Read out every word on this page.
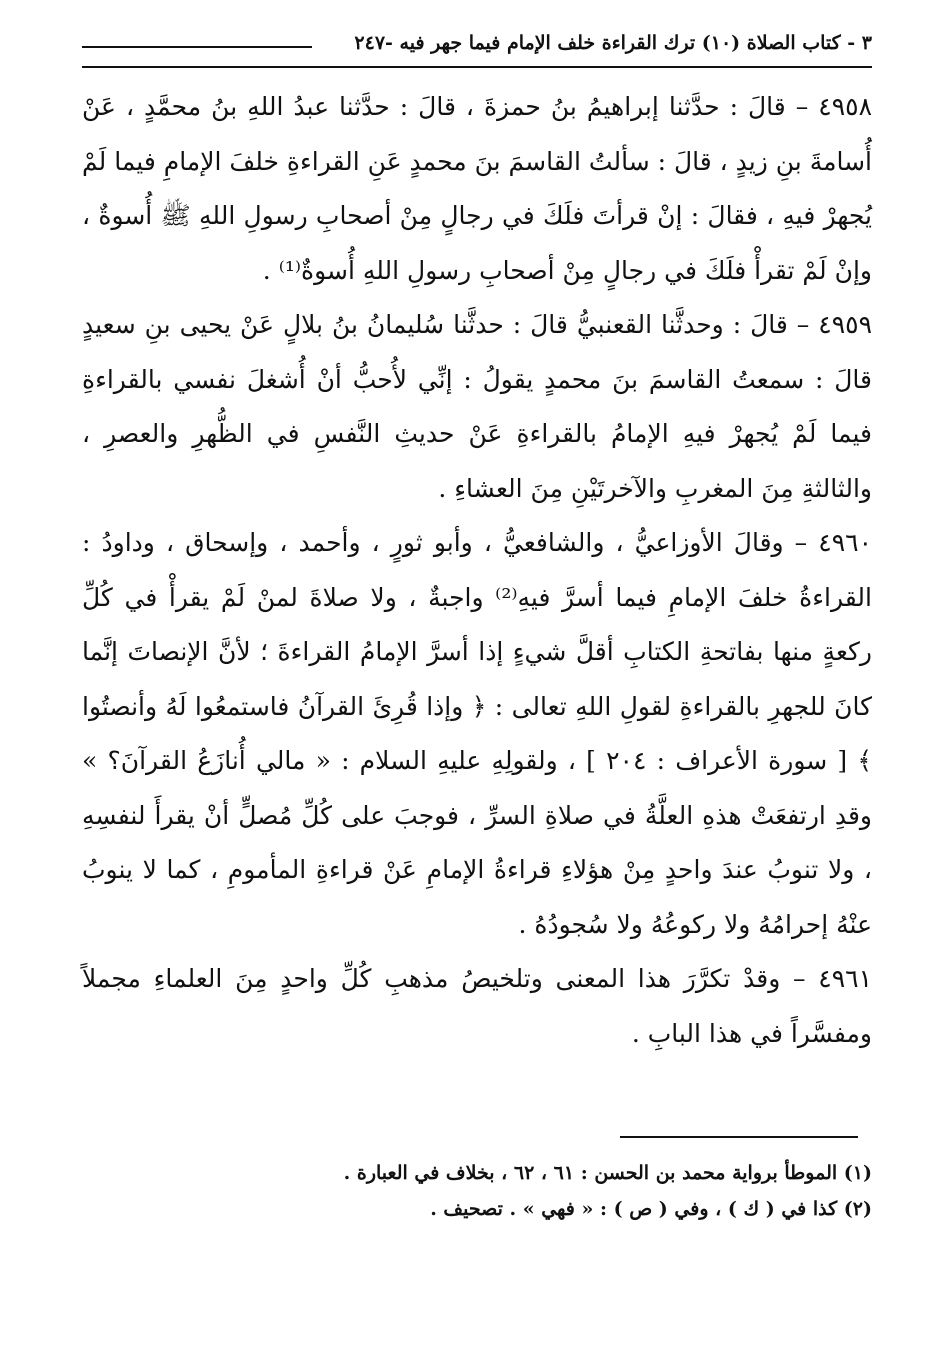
٣ - كتاب الصلاة (١٠) ترك القراءة خلف الإمام فيما جهر فيه -٢٤٧

٤٩٥٨ – قالَ : حدَّثنا إبراهيمُ بنُ حمزةَ ، قالَ : حدَّثنا عبدُ اللهِ بنُ محمَّدٍ ، عَنْ أُسامةَ بنِ زيدٍ ، قالَ : سألتُ القاسمَ بنَ محمدٍ عَنِ القراءةِ خلفَ الإمامِ فيما لَمْ يُجهرْ فيهِ ، فقالَ : إنْ قرأتَ فلَكَ في رجالٍ مِنْ أصحابِ رسولِ اللهِ ﷺ أُسوةٌ ، وإنْ لَمْ تقرأْ فلَكَ في رجالٍ مِنْ أصحابِ رسولِ اللهِ أُسوةٌ⁽¹⁾ .

٤٩٥٩ – قالَ : وحدثَّنا القعنبيُّ قالَ : حدثَّنا سُليمانُ بنُ بلالٍ عَنْ يحيى بنِ سعيدٍ قالَ : سمعتُ القاسمَ بنَ محمدٍ يقولُ : إنِّي لأُحبُّ أنْ أُشغلَ نفسي بالقراءةِ فيما لَمْ يُجهرْ فيهِ الإمامُ بالقراءةِ عَنْ حديثِ النَّفسِ في الظُّهرِ والعصرِ ، والثالثةِ مِنَ المغربِ والآخرتَيْنِ مِنَ العشاءِ .

٤٩٦٠ – وقالَ الأوزاعيُّ ، والشافعيُّ ، وأبو ثورٍ ، وأحمد ، وإسحاق ، وداودُ : القراءةُ خلفَ الإمامِ فيما أسرَّ فيهِ⁽²⁾ واجبةٌ ، ولا صلاةَ لمنْ لَمْ يقرأْ في كُلِّ ركعةٍ منها بفاتحةِ الكتابِ أقلَّ شيءٍ إذا أسرَّ الإمامُ القراءةَ ؛ لأنَّ الإنصاتَ إنَّما كانَ للجهرِ بالقراءةِ لقولِ اللهِ تعالى : ﴿ وإذا قُرِئَ القرآنُ فاستمعُوا لَهُ وأنصتُوا ﴾ [ سورة الأعراف : ٢٠٤ ] ، ولقولِهِ عليهِ السلام : « مالي أُنازَعُ القرآنَ؟ » وقدِ ارتفعَتْ هذهِ العلَّةُ في صلاةِ السرِّ ، فوجبَ على كُلِّ مُصلٍّ أنْ يقرأَ لنفسِهِ ، ولا تنوبُ عندَ واحدٍ مِنْ هؤلاءِ قراءةُ الإمامِ عَنْ قراءةِ المأمومِ ، كما لا ينوبُ عنْهُ إحرامُهُ ولا ركوعُهُ ولا سُجودُهُ .

٤٩٦١ – وقدْ تكرَّرَ هذا المعنى وتلخيصُ مذهبِ كُلِّ واحدٍ مِنَ العلماءِ مجملاً ومفسَّراً في هذا البابِ .

(١) الموطأ برواية محمد بن الحسن : ٦١ ، ٦٢ ، بخلاف في العبارة .

(٢) كذا في ( ك ) ، وفي ( ص ) : « فهي » . تصحيف .
